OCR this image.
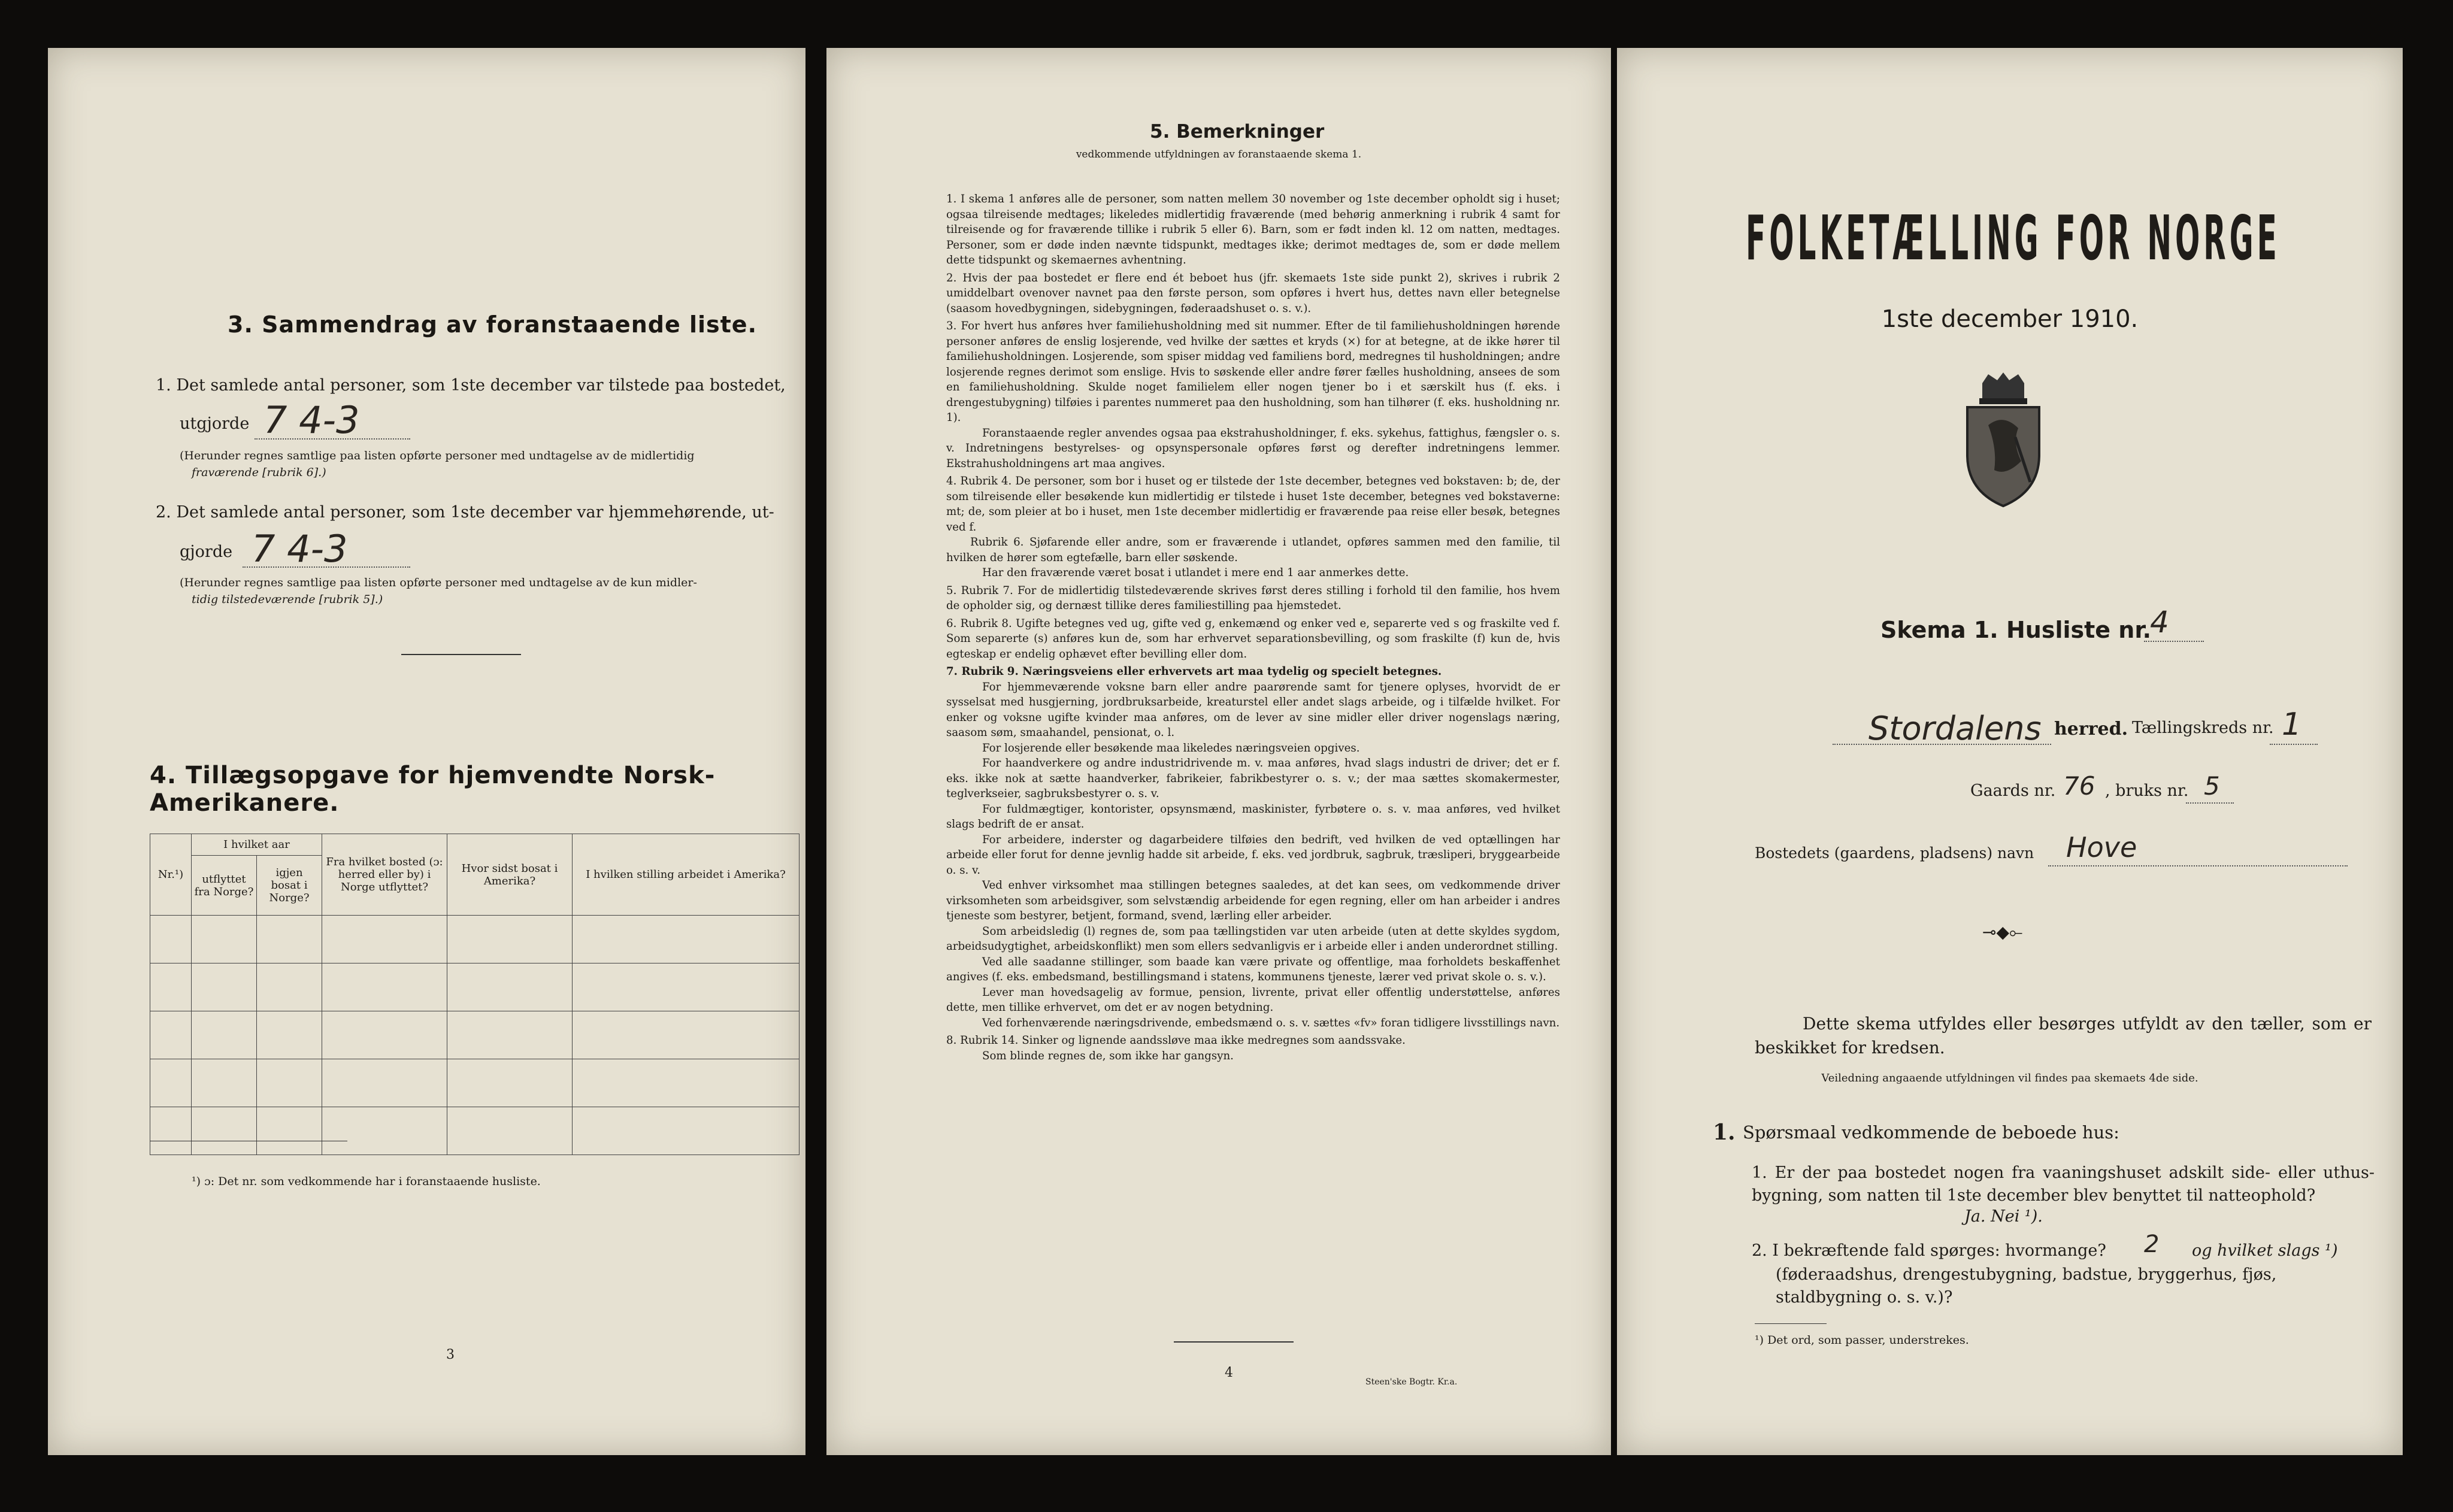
3. Sammendrag av foranstaaende liste.
1. Det samlede antal personer, som 1ste december var tilstede paa bostedet,
utgjorde 7 4-3
(Herunder regnes samtlige paa listen opførte personer med undtagelse av de midlertidig
fraværende [rubrik 6].)
2. Det samlede antal personer, som 1ste december var hjemmehørende, ut-
gjorde 7 4-3
(Herunder regnes samtlige paa listen opførte personer med undtagelse av de kun midler-
tidig tilstedeværende [rubrik 5].)
4. Tillægsopgave for hjemvendte Norsk-Amerikanere.
Nr.¹)	I hvilket aar		Fra hvilket bosted (ɔ: herred eller by) i Norge utflyttet?	Hvor sidst bosat i Amerika?	I hvilken stilling arbeidet i Amerika?
	utflyttet fra Norge?	igjen bosat i Norge?			

¹) ɔ: Det nr. som vedkommende har i foranstaaende husliste.
3
5. Bemerkninger
vedkommende utfyldningen av foranstaaende skema 1.
1. I skema 1 anføres alle de personer, som natten mellem 30 november og 1ste december opholdt sig i huset; ogsaa tilreisende medtages; likeledes midlertidig fraværende (med behørig anmerkning i rubrik 4 samt for tilreisende og for fraværende tillike i rubrik 5 eller 6). Barn, som er født inden kl. 12 om natten, medtages. Personer, som er døde inden nævnte tidspunkt, medtages ikke; derimot medtages de, som er døde mellem dette tidspunkt og skemaernes avhentning.
2. Hvis der paa bostedet er flere end ét beboet hus (jfr. skemaets 1ste side punkt 2), skrives i rubrik 2 umiddelbart ovenover navnet paa den første person, som opføres i hvert hus, dettes navn eller betegnelse (saasom hovedbygningen, sidebygningen, føderaadshuset o. s. v.).
3. For hvert hus anføres hver familiehusholdning med sit nummer. Efter de til familiehusholdningen hørende personer anføres de enslig losjerende, ved hvilke der sættes et kryds (×) for at betegne, at de ikke hører til familiehusholdningen. Losjerende, som spiser middag ved familiens bord, medregnes til husholdningen; andre losjerende regnes derimot som enslige. Hvis to søskende eller andre fører fælles husholdning, ansees de som en familiehusholdning. Skulde noget familielem eller nogen tjener bo i et særskilt hus (f. eks. i drengestubygning) tilføies i parentes nummeret paa den husholdning, som han tilhører (f. eks. husholdning nr. 1).
Foranstaaende regler anvendes ogsaa paa ekstrahusholdninger, f. eks. sykehus, fattighus, fængsler o. s. v. Indretningens bestyrelses- og opsynspersonale opføres først og derefter indretningens lemmer. Ekstrahusholdningens art maa angives.
4. Rubrik 4. De personer, som bor i huset og er tilstede der 1ste december, betegnes ved bokstaven: b; de, der som tilreisende eller besøkende kun midlertidig er tilstede i huset 1ste december, betegnes ved bokstaverne: mt; de, som pleier at bo i huset, men 1ste december midlertidig er fraværende paa reise eller besøk, betegnes ved f.
Rubrik 6. Sjøfarende eller andre, som er fraværende i utlandet, opføres sammen med den familie, til hvilken de hører som egtefælle, barn eller søskende.
Har den fraværende været bosat i utlandet i mere end 1 aar anmerkes dette.
5. Rubrik 7. For de midlertidig tilstedeværende skrives først deres stilling i forhold til den familie, hos hvem de opholder sig, og dernæst tillike deres familiestilling paa hjemstedet.
6. Rubrik 8. Ugifte betegnes ved ug, gifte ved g, enkemænd og enker ved e, separerte ved s og fraskilte ved f. Som separerte (s) anføres kun de, som har erhvervet separationsbevilling, og som fraskilte (f) kun de, hvis egteskap er endelig ophævet efter bevilling eller dom.
7. Rubrik 9. Næringsveiens eller erhvervets art maa tydelig og specielt betegnes.
For hjemmeværende voksne barn eller andre paarørende samt for tjenere oplyses, hvorvidt de er sysselsat med husgjerning, jordbruksarbeide, kreaturstel eller andet slags arbeide, og i tilfælde hvilket. For enker og voksne ugifte kvinder maa anføres, om de lever av sine midler eller driver nogenslags næring, saasom søm, smaahandel, pensionat, o. l.
For losjerende eller besøkende maa likeledes næringsveien opgives.
For haandverkere og andre industridrivende m. v. maa anføres, hvad slags industri de driver; det er f. eks. ikke nok at sætte haandverker, fabrikeier, fabrikbestyrer o. s. v.; der maa sættes skomakermester, teglverkseier, sagbruksbestyrer o. s. v.
For fuldmægtiger, kontorister, opsynsmænd, maskinister, fyrbøtere o. s. v. maa anføres, ved hvilket slags bedrift de er ansat.
For arbeidere, inderster og dagarbeidere tilføies den bedrift, ved hvilken de ved optællingen har arbeide eller forut for denne jevnlig hadde sit arbeide, f. eks. ved jordbruk, sagbruk, træsliperi, bryggearbeide o. s. v.
Ved enhver virksomhet maa stillingen betegnes saaledes, at det kan sees, om vedkommende driver virksomheten som arbeidsgiver, som selvstændig arbeidende for egen regning, eller om han arbeider i andres tjeneste som bestyrer, betjent, formand, svend, lærling eller arbeider.
Som arbeidsledig (l) regnes de, som paa tællingstiden var uten arbeide (uten at dette skyldes sygdom, arbeidsudygtighet, arbeidskonflikt) men som ellers sedvanligvis er i arbeide eller i anden underordnet stilling.
Ved alle saadanne stillinger, som baade kan være private og offentlige, maa forholdets beskaffenhet angives (f. eks. embedsmand, bestillingsmand i statens, kommunens tjeneste, lærer ved privat skole o. s. v.).
Lever man hovedsagelig av formue, pension, livrente, privat eller offentlig understøttelse, anføres dette, men tillike erhvervet, om det er av nogen betydning.
Ved forhenværende næringsdrivende, embedsmænd o. s. v. sættes «fv» foran tidligere livsstillings navn.
8. Rubrik 14. Sinker og lignende aandssløve maa ikke medregnes som aandssvake.
Som blinde regnes de, som ikke har gangsyn.
4
Steen'ske Bogtr. Kr.a.
FOLKETÆLLING FOR NORGE
1ste december 1910.
Skema 1. Husliste nr.
4
Stordalens herred. Tællingskreds nr. 1
Gaards nr. 76 , bruks nr. 5
Bostedets (gaardens, pladsens) navn Hove
⊸◆⟜
Dette skema utfyldes eller besørges utfyldt av den tæller, som er beskikket for kredsen.
Veiledning angaaende utfyldningen vil findes paa skemaets 4de side.
1. Spørsmaal vedkommende de beboede hus:
1. Er der paa bostedet nogen fra vaaningshuset adskilt side- eller uthus-bygning, som natten til 1ste december blev benyttet til natteophold?
Ja. Nei ¹).
2. I bekræftende fald spørges: hvormange? 2 og hvilket slags ¹)
(føderaadshus, drengestubygning, badstue, bryggerhus, fjøs, staldbygning o. s. v.)?
¹) Det ord, som passer, understrekes.
